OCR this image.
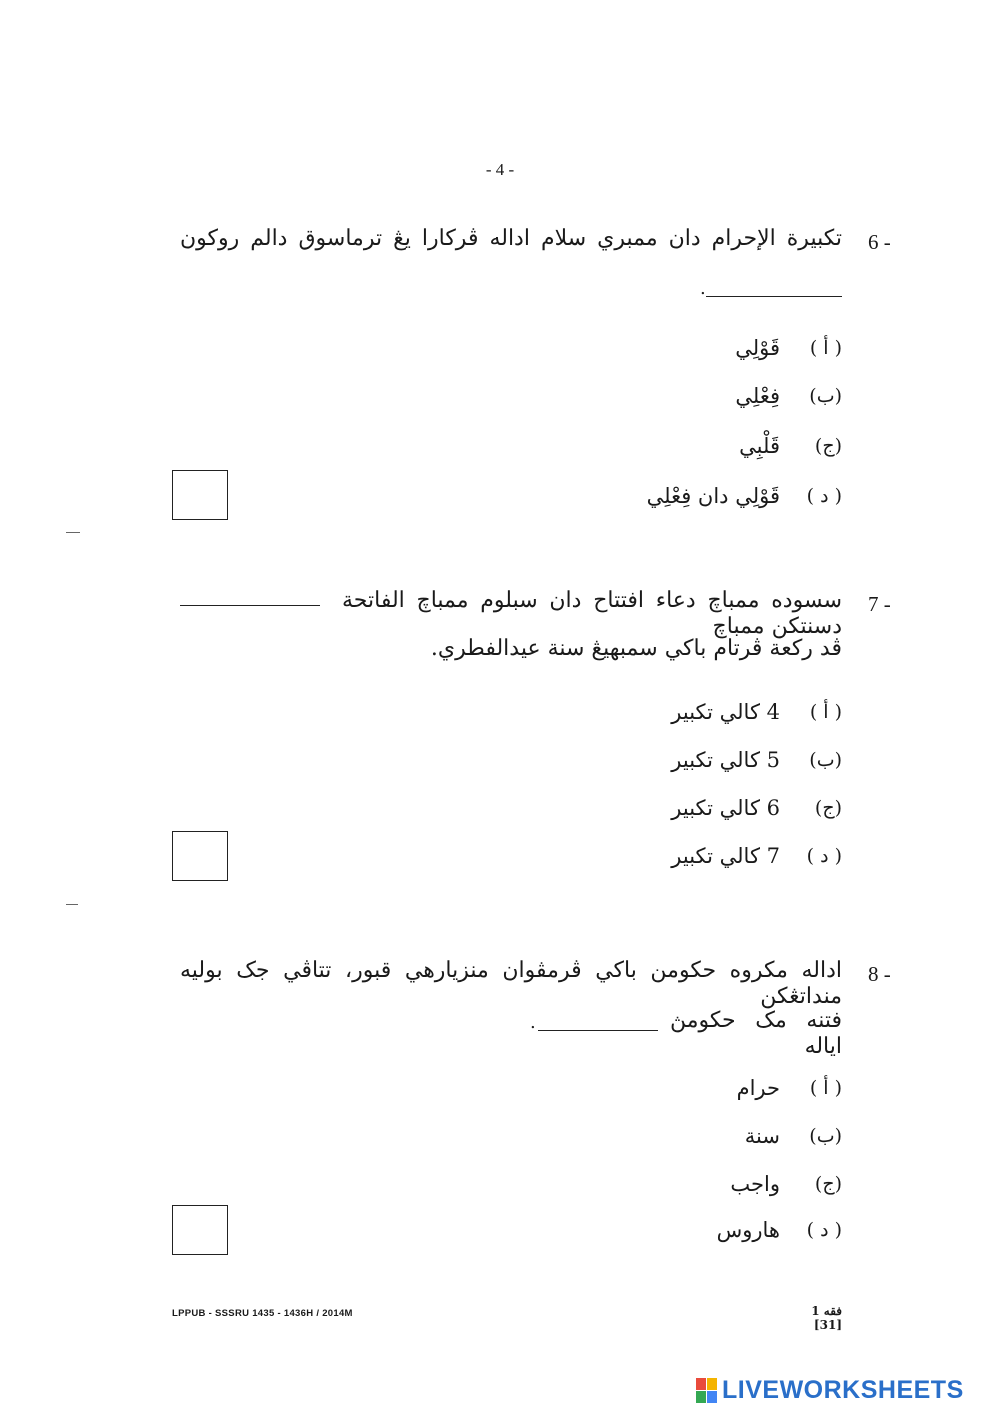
- 4 -
6 -
تکبيرة الإحرام دان ممبري سلام اداله ڤرکارا يڠ ترماسوق دالم روکون
.
( أ )
قَوْلِي
(ب)
فِعْلِي
(ج)
قَلْبِي
( د )
قَوْلِي دان فِعْلِي
7 -
سسوده ممباچ دعاء افتتاح دان سبلوم ممباچ الفاتحة دسنتکن ممباچ
ڤد رکعة ڤرتام باکي سمبهيڠ سنة عيدالفطري.
( أ )
4 کالي تکبير
(ب)
5 کالي تکبير
(ج)
6 کالي تکبير
( د )
7 کالي تکبير
8 -
اداله مکروه حکومن باکي ڤرمڤوان منزيارهي قبور، تتاڤي جک بوليه منداتڠکن
فتنه مک حکومڽ اياله
.
( أ )
حرام
(ب)
سنة
(ج)
واجب
( د )
هاروس
LPPUB - SSSRU 1435 - 1436H / 2014M	فقه 1 [31]
LIVEWORKSHEETS
